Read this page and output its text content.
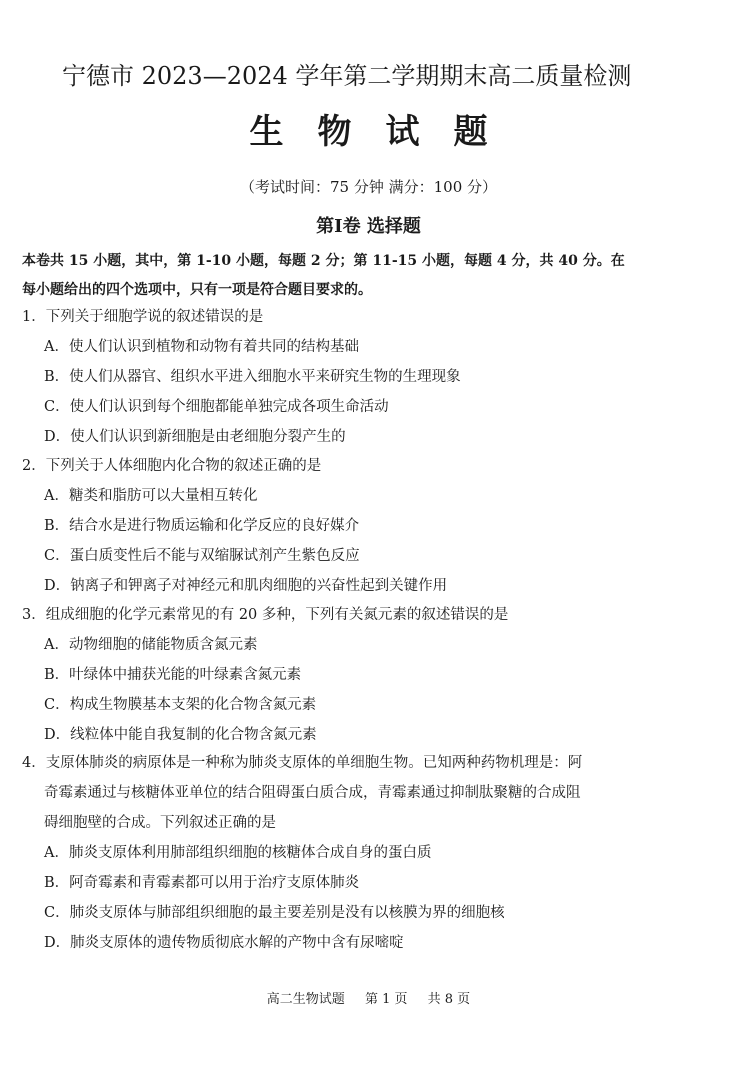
宁德市 2023—2024 学年第二学期期末高二质量检测
生物试题
（考试时间：75 分钟 满分：100 分）
第Ⅰ卷 选择题
本卷共 15 小题，其中，第 1-10 小题，每题 2 分；第 11-15 小题，每题 4 分，共 40 分。在
每小题给出的四个选项中，只有一项是符合题目要求的。
1．下列关于细胞学说的叙述错误的是
A．使人们认识到植物和动物有着共同的结构基础
B．使人们从器官、组织水平进入细胞水平来研究生物的生理现象
C．使人们认识到每个细胞都能单独完成各项生命活动
D．使人们认识到新细胞是由老细胞分裂产生的
2．下列关于人体细胞内化合物的叙述正确的是
A．糖类和脂肪可以大量相互转化
B．结合水是进行物质运输和化学反应的良好媒介
C．蛋白质变性后不能与双缩脲试剂产生紫色反应
D．钠离子和钾离子对神经元和肌肉细胞的兴奋性起到关键作用
3．组成细胞的化学元素常见的有 20 多种，下列有关氮元素的叙述错误的是
A．动物细胞的储能物质含氮元素
B．叶绿体中捕获光能的叶绿素含氮元素
C．构成生物膜基本支架的化合物含氮元素
D．线粒体中能自我复制的化合物含氮元素
4．支原体肺炎的病原体是一种称为肺炎支原体的单细胞生物。已知两种药物机理是：阿
奇霉素通过与核糖体亚单位的结合阻碍蛋白质合成，青霉素通过抑制肽聚糖的合成阻
碍细胞壁的合成。下列叙述正确的是
A．肺炎支原体利用肺部组织细胞的核糖体合成自身的蛋白质
B．阿奇霉素和青霉素都可以用于治疗支原体肺炎
C．肺炎支原体与肺部组织细胞的最主要差别是没有以核膜为界的细胞核
D．肺炎支原体的遗传物质彻底水解的产物中含有尿嘧啶
高二生物试题 第 1 页 共 8 页
